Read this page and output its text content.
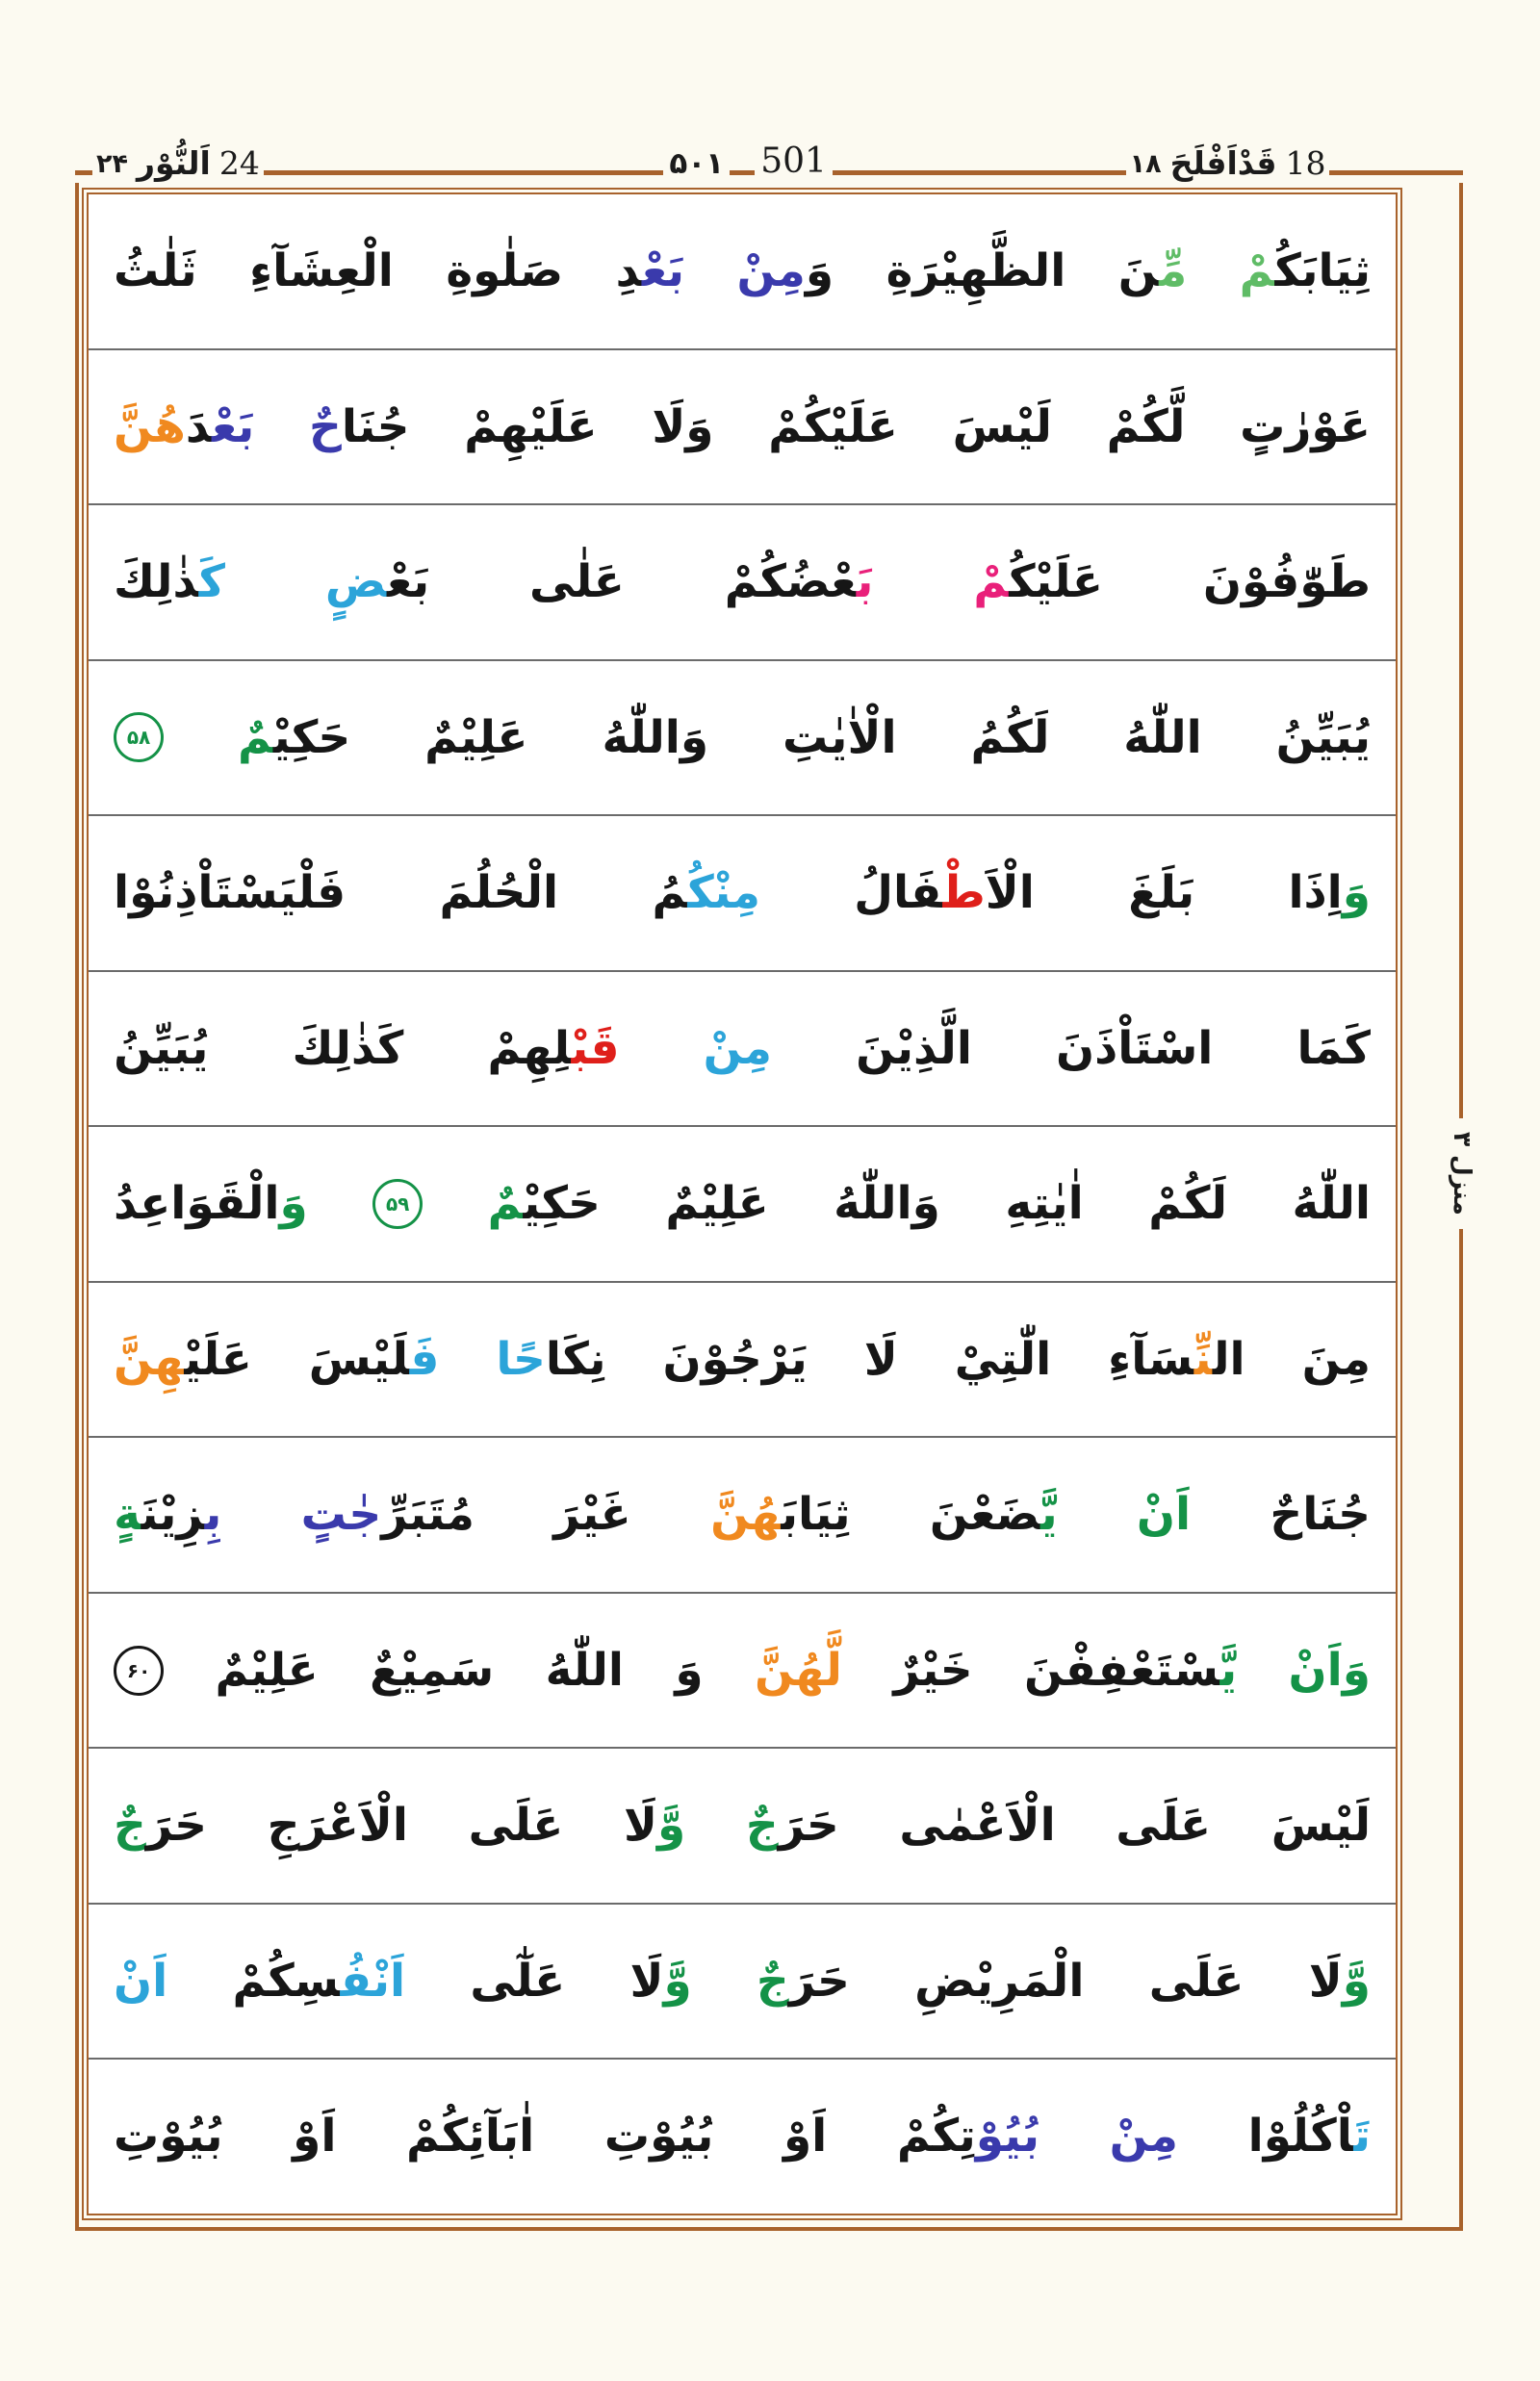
۲۴ اَلنُّوْر 24	۵۰۱ 501	۱۸ قَدْاَفْلَحَ 18
ثِيَابَكُمْ
مِّنَ
الظَّهِيْرَةِ
وَمِنْ
بَعْدِ
صَلٰوةِ
الْعِشَآءِ
ثَلٰثُ
عَوْرٰتٍ
لَّكُمْ
لَيْسَ
عَلَيْكُمْ
وَلَا
عَلَيْهِمْ
جُنَاحٌ
بَعْدَهُنَّ
طَوّٰفُوْنَ
عَلَيْكُمْ
بَعْضُكُمْ
عَلٰى
بَعْضٍ
كَذٰلِكَ
يُبَيِّنُ
اللّٰهُ
لَكُمُ
الْاٰيٰتِ
وَاللّٰهُ
عَلِيْمٌ
حَكِيْمٌ
۵۸
وَاِذَا
بَلَغَ
الْاَطْفَالُ
مِنْكُمُ
الْحُلُمَ
فَلْيَسْتَاْذِنُوْا
كَمَا
اسْتَاْذَنَ
الَّذِيْنَ
مِنْ
قَبْلِهِمْ
كَذٰلِكَ
يُبَيِّنُ
اللّٰهُ
لَكُمْ
اٰيٰتِهِ
وَاللّٰهُ
عَلِيْمٌ
حَكِيْمٌ
۵۹
وَالْقَوَاعِدُ
مِنَ
النِّسَآءِ
الّٰتِيْ
لَا
يَرْجُوْنَ
نِكَاحًا
فَلَيْسَ
عَلَيْهِنَّ
جُنَاحٌ
اَنْ
يَّضَعْنَ
ثِيَابَهُنَّ
غَيْرَ
مُتَبَرِّجٰتٍ
بِزِيْنَةٍ
وَاَنْ
يَّسْتَعْفِفْنَ
خَيْرٌ
لَّهُنَّ
وَ
اللّٰهُ
سَمِيْعٌ
عَلِيْمٌ
۶۰
لَيْسَ
عَلَى
الْاَعْمٰى
حَرَجٌ
وَّلَا
عَلَى
الْاَعْرَجِ
حَرَجٌ
وَّلَا
عَلَى
الْمَرِيْضِ
حَرَجٌ
وَّلَا
عَلٰٓى
اَنْفُسِكُمْ
اَنْ
تَاْكُلُوْا
مِنْ
بُيُوْتِكُمْ
اَوْ
بُيُوْتِ
اٰبَآئِكُمْ
اَوْ
بُيُوْتِ
منزل ۳
